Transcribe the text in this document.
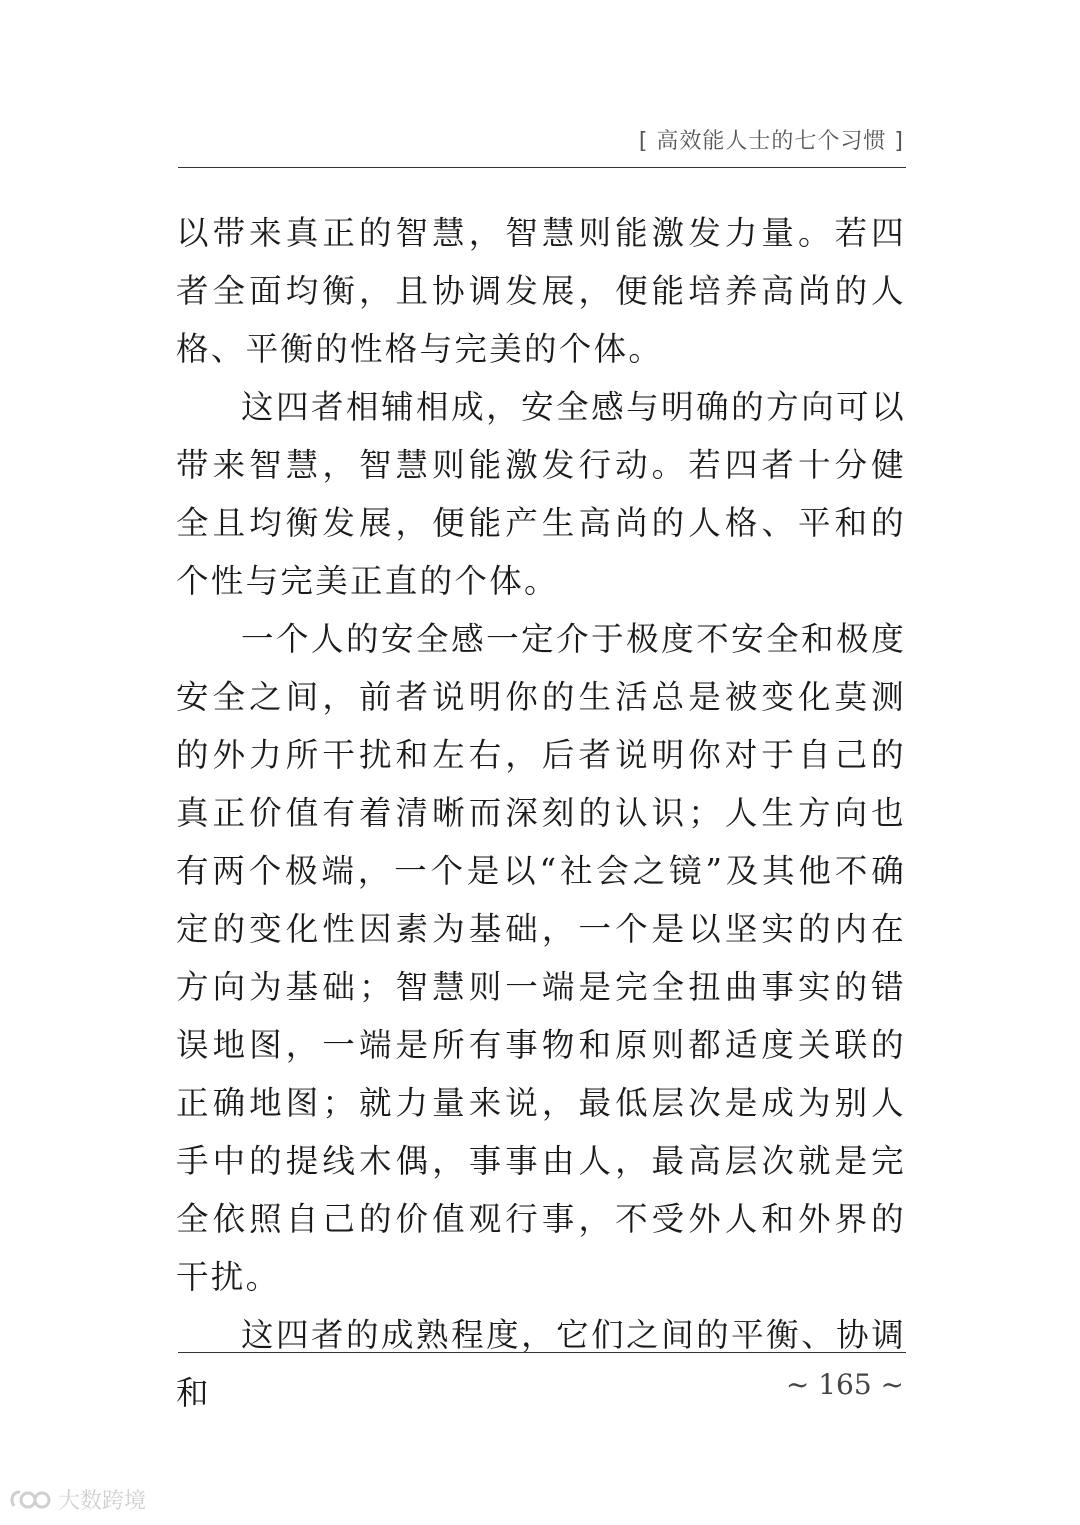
[ 高效能人士的七个习惯 ]

以带来真正的智慧，智慧则能激发力量。若四者全面均衡，且协调发展，便能培养高尚的人格、平衡的性格与完美的个体。

这四者相辅相成，安全感与明确的方向可以带来智慧，智慧则能激发行动。若四者十分健全且均衡发展，便能产生高尚的人格、平和的个性与完美正直的个体。

一个人的安全感一定介于极度不安全和极度安全之间，前者说明你的生活总是被变化莫测的外力所干扰和左右，后者说明你对于自己的真正价值有着清晰而深刻的认识；人生方向也有两个极端，一个是以“社会之镜”及其他不确定的变化性因素为基础，一个是以坚实的内在方向为基础；智慧则一端是完全扭曲事实的错误地图，一端是所有事物和原则都适度关联的正确地图；就力量来说，最低层次是成为别人手中的提线木偶，事事由人，最高层次就是完全依照自己的价值观行事，不受外人和外界的干扰。

这四者的成熟程度，它们之间的平衡、协调和	~ 165 ~
大数跨境
